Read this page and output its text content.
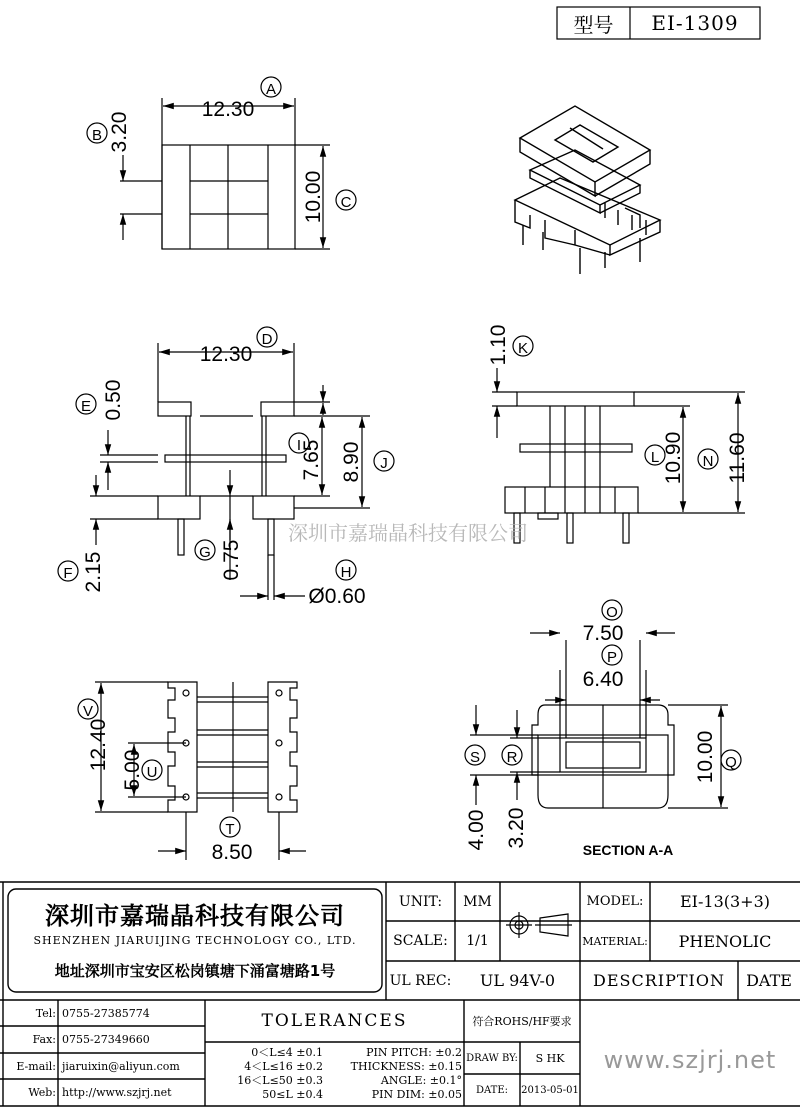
A
12.30
B 3.20
C
10.00
D
12.30
E 0.50
F 2.15	G 0.75	H
Ø0.60
I
7.65	J
8.90
K
1.10
L 10.90 N 11.60
O
7.50
P
6.40
Q
10.00
R
3.20
S
4.00
T
8.50
U
5.00
V
12.40
深圳市嘉瑞晶科技有限公司
SECTION A-A
型号	EI-1309
深圳市嘉瑞晶科技有限公司
SHENZHEN JIARUIJING TECHNOLOGY CO., LTD.
地址深圳市宝安区松岗镇塘下涌富塘路1号
UNIT:	MM
SCALE:	1/1
UL REC:	UL 94V-0
MODEL:	EI-13(3+3)
MATERIAL:	PHENOLIC
DESCRIPTION	DATE
Tel: 0755-27385774
Fax: 0755-27349660
E-mail: jiaruixin@aliyun.com
Web: http://www.szjrj.net
TOLERANCES
0＜L≤4 ±0.1
4＜L≤16 ±0.2
16＜L≤50 ±0.3
50≤L ±0.4
PIN PITCH: ±0.2
THICKNESS: ±0.15
ANGLE: ±0.1°
PIN DIM: ±0.05
符合ROHS/HF要求
DRAW BY:	S HK
DATE:	2013-05-01
www.szjrj.net
